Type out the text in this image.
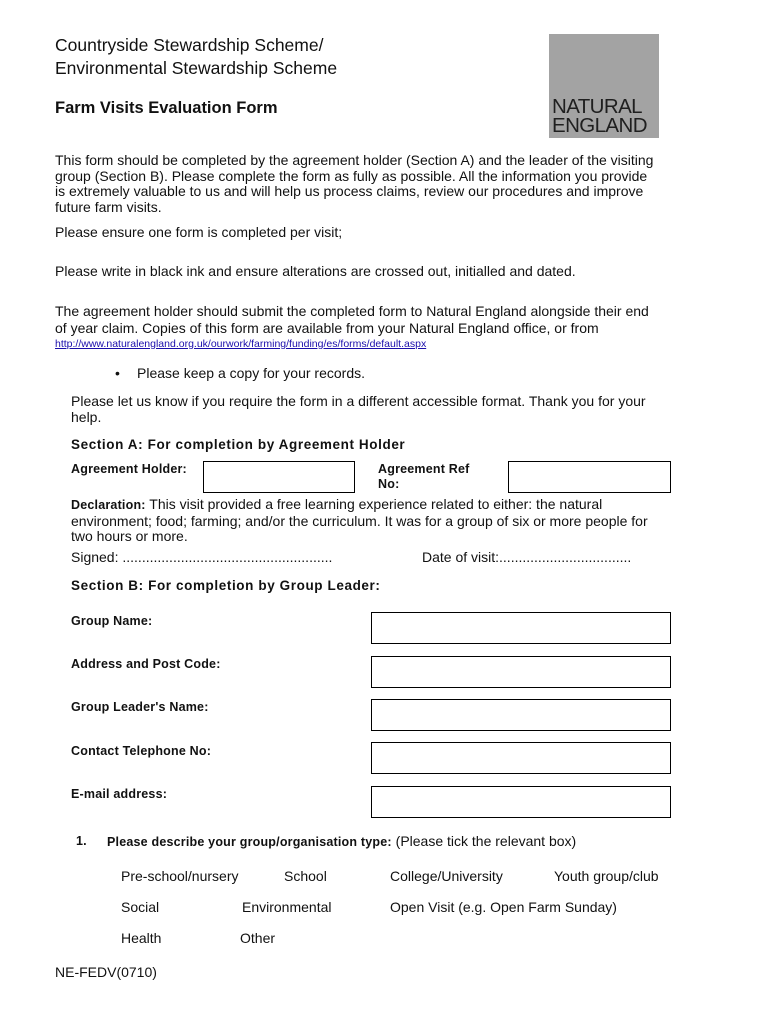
Countryside Stewardship Scheme/
Environmental Stewardship Scheme
Farm Visits Evaluation Form	NATURAL
ENGLAND
This form should be completed by the agreement holder (Section A) and the leader of the visiting
group (Section B). Please complete the form as fully as possible. All the information you provide
is extremely valuable to us and will help us process claims, review our procedures and improve
future farm visits.
Please ensure one form is completed per visit;
Please write in black ink and ensure alterations are crossed out, initialled and dated.
The agreement holder should submit the completed form to Natural England alongside their end
of year claim. Copies of this form are available from your Natural England office, or from
http://www.naturalengland.org.uk/ourwork/farming/funding/es/forms/default.aspx
• Please keep a copy for your records.
Please let us know if you require the form in a different accessible format. Thank you for your
help.
Section A: For completion by Agreement Holder
Agreement Holder:	Agreement Ref
No:
Declaration: This visit provided a free learning experience related to either: the natural
environment; food; farming; and/or the curriculum. It was for a group of six or more people for
two hours or more.
Signed: ......................................................	Date of visit:..................................
Section B: For completion by Group Leader:
Group Name:
Address and Post Code:
Group Leader's Name:
Contact Telephone No:
E-mail address:
1. Please describe your group/organisation type: (Please tick the relevant box)
Pre-school/nursery	School	College/University	Youth group/club
Social	Environmental	Open Visit (e.g. Open Farm Sunday)
Health	Other
NE-FEDV(0710)
